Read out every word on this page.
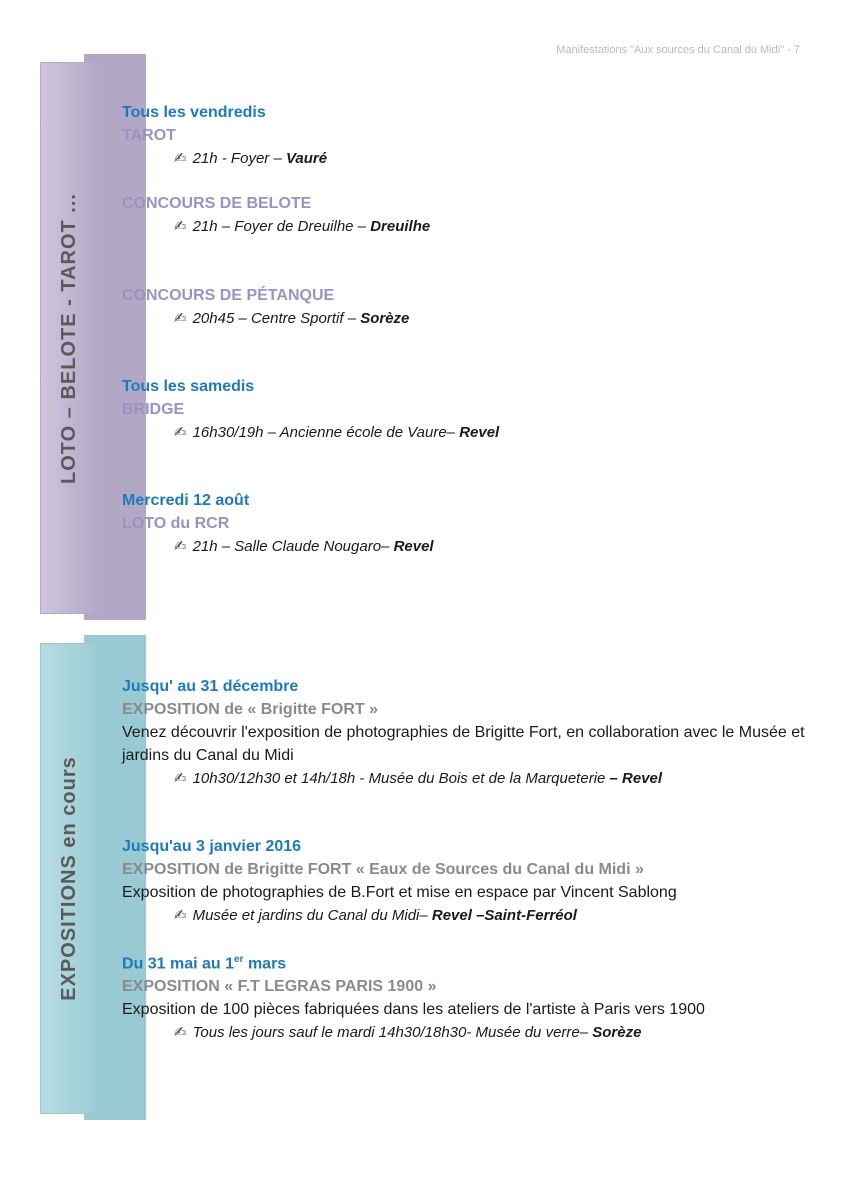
Manifestations "Aux sources du Canal du Midi" - 7
LOTO – BELOTE - TAROT ...
EXPOSITIONS en cours
Tous les vendredis
TAROT
✍ 21h - Foyer – Vauré
CONCOURS DE BELOTE
✍ 21h – Foyer de Dreuilhe – Dreuilhe
CONCOURS DE PÉTANQUE
✍ 20h45 – Centre Sportif – Sorèze
Tous les samedis
BRIDGE
✍ 16h30/19h – Ancienne école de Vaure– Revel
Mercredi 12 août
LOTO du RCR
✍ 21h – Salle Claude Nougaro– Revel
Jusqu' au 31 décembre
EXPOSITION de « Brigitte FORT »
Venez découvrir l'exposition de photographies de Brigitte Fort, en collaboration avec le Musée et jardins du Canal du Midi
✍ 10h30/12h30 et 14h/18h - Musée du Bois et de la Marqueterie – Revel
Jusqu'au 3 janvier 2016
EXPOSITION de Brigitte FORT « Eaux de Sources du Canal du Midi »
Exposition de photographies de B.Fort et mise en espace par Vincent Sablong
✍ Musée et jardins du Canal du Midi– Revel –Saint-Ferréol
Du 31 mai au 1er mars
EXPOSITION « F.T LEGRAS PARIS 1900 »
Exposition de 100 pièces fabriquées dans les ateliers de l'artiste à Paris vers 1900
✍ Tous les jours sauf le mardi 14h30/18h30- Musée du verre– Sorèze
